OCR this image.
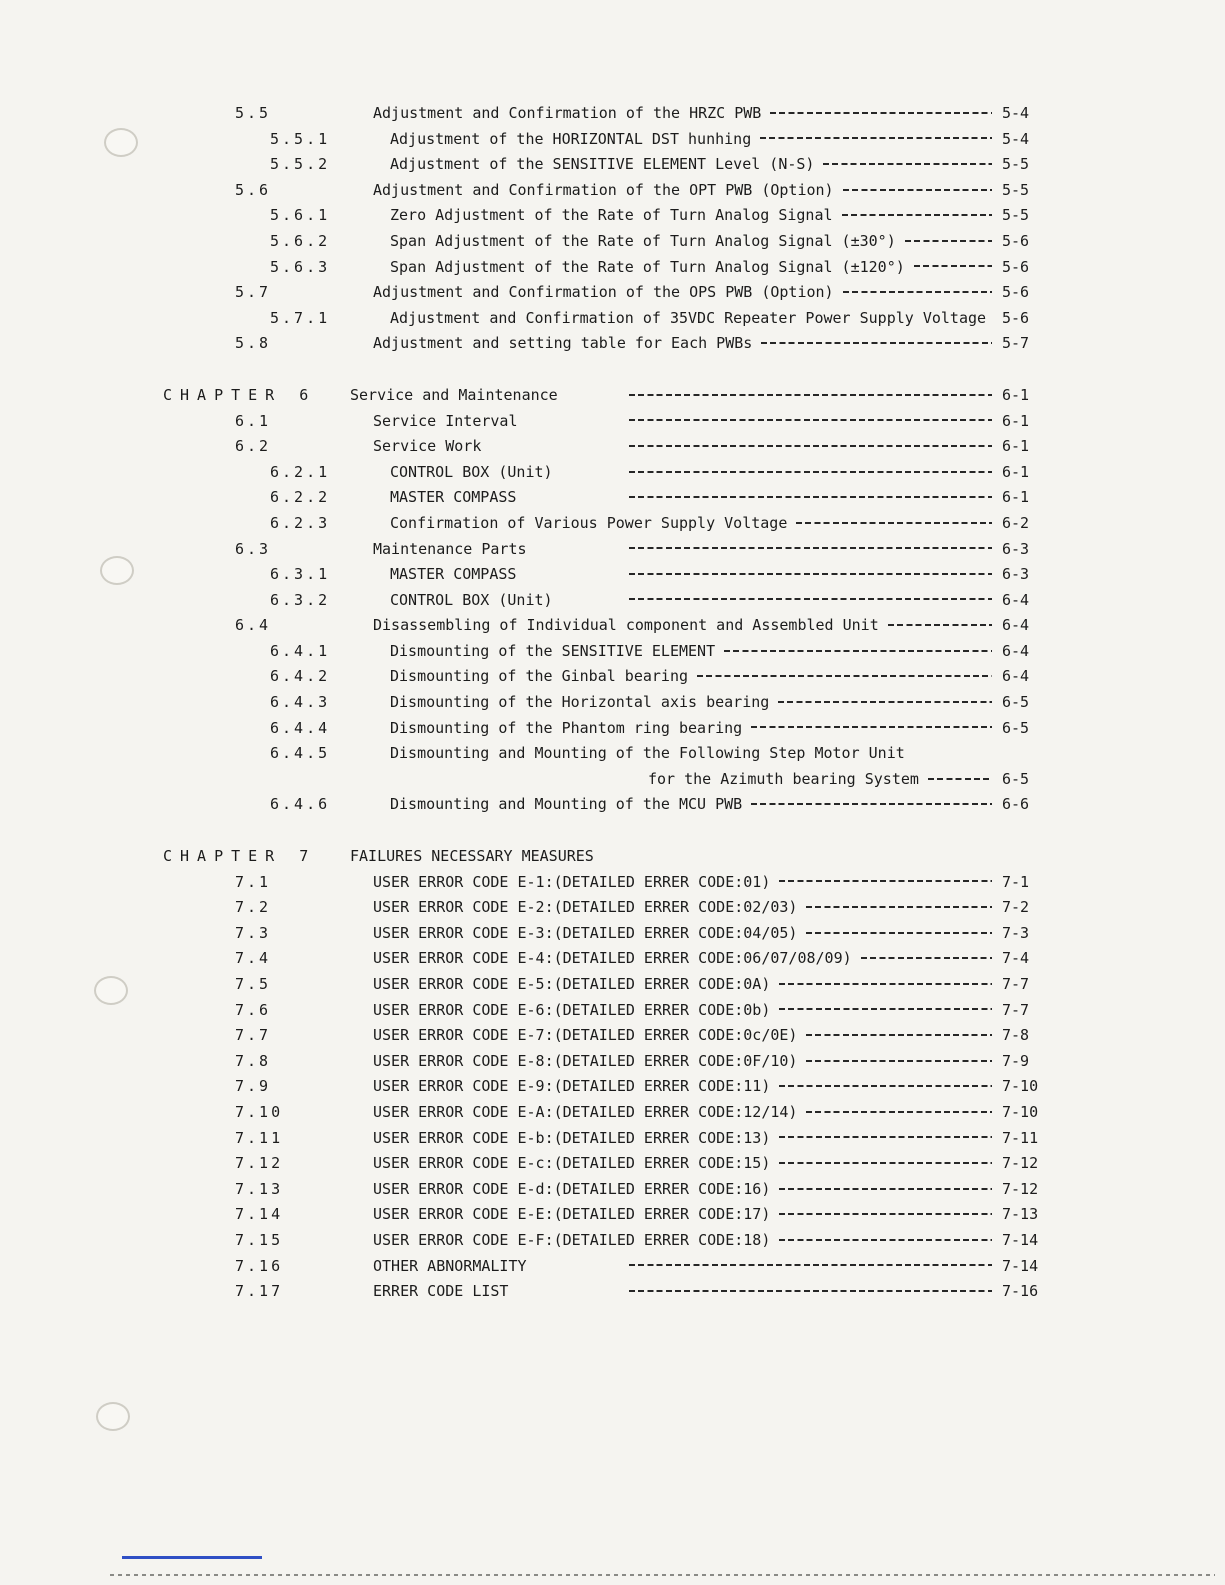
5.5	Adjustment and Confirmation of the HRZC PWB	5-4
5.5.1	Adjustment of the HORIZONTAL DST hunhing	5-4
5.5.2	Adjustment of the SENSITIVE ELEMENT Level (N-S)	5-5
5.6	Adjustment and Confirmation of the OPT PWB (Option)	5-5
5.6.1	Zero Adjustment of the Rate of Turn Analog Signal	5-5
5.6.2	Span Adjustment of the Rate of Turn Analog Signal (±30°)	5-6
5.6.3	Span Adjustment of the Rate of Turn Analog Signal (±120°)	5-6
5.7	Adjustment and Confirmation of the OPS PWB (Option)	5-6
5.7.1	Adjustment and Confirmation of 35VDC Repeater Power Supply Voltage 5-6
5.8	Adjustment and setting table for Each PWBs	5-7
CHAPTER 6	Service and Maintenance	6-1
6.1	Service Interval	6-1
6.2	Service Work	6-1
6.2.1	CONTROL BOX (Unit)	6-1
6.2.2	MASTER COMPASS	6-1
6.2.3	Confirmation of Various Power Supply Voltage	6-2
6.3	Maintenance Parts	6-3
6.3.1	MASTER COMPASS	6-3
6.3.2	CONTROL BOX (Unit)	6-4
6.4	Disassembling of Individual component and Assembled Unit	6-4
6.4.1	Dismounting of the SENSITIVE ELEMENT	6-4
6.4.2	Dismounting of the Ginbal bearing	6-4
6.4.3	Dismounting of the Horizontal axis bearing	6-5
6.4.4	Dismounting of the Phantom ring bearing	6-5
6.4.5	Dismounting and Mounting of the Following Step Motor Unit
for the Azimuth bearing System	6-5
6.4.6	Dismounting and Mounting of the MCU PWB	6-6
CHAPTER 7	FAILURES NECESSARY MEASURES
7.1	USER ERROR CODE E-1:(DETAILED ERRER CODE:01)	7-1
7.2	USER ERROR CODE E-2:(DETAILED ERRER CODE:02/03)	7-2
7.3	USER ERROR CODE E-3:(DETAILED ERRER CODE:04/05)	7-3
7.4	USER ERROR CODE E-4:(DETAILED ERRER CODE:06/07/08/09)	7-4
7.5	USER ERROR CODE E-5:(DETAILED ERRER CODE:0A)	7-7
7.6	USER ERROR CODE E-6:(DETAILED ERRER CODE:0b)	7-7
7.7	USER ERROR CODE E-7:(DETAILED ERRER CODE:0c/0E)	7-8
7.8	USER ERROR CODE E-8:(DETAILED ERRER CODE:0F/10)	7-9
7.9	USER ERROR CODE E-9:(DETAILED ERRER CODE:11)	7-10
7.10	USER ERROR CODE E-A:(DETAILED ERRER CODE:12/14)	7-10
7.11	USER ERROR CODE E-b:(DETAILED ERRER CODE:13)	7-11
7.12	USER ERROR CODE E-c:(DETAILED ERRER CODE:15)	7-12
7.13	USER ERROR CODE E-d:(DETAILED ERRER CODE:16)	7-12
7.14	USER ERROR CODE E-E:(DETAILED ERRER CODE:17)	7-13
7.15	USER ERROR CODE E-F:(DETAILED ERRER CODE:18)	7-14
7.16	OTHER ABNORMALITY	7-14
7.17	ERRER CODE LIST	7-16
